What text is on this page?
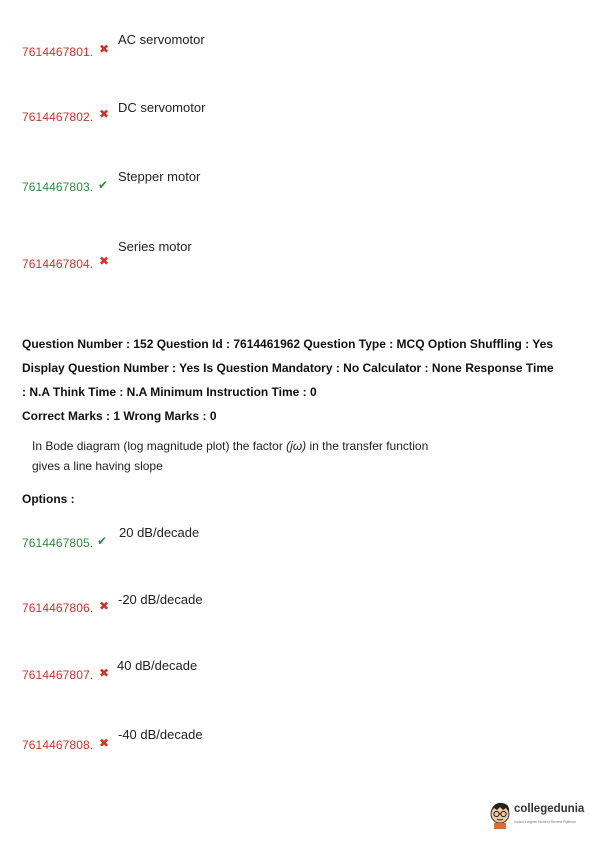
7614467801. ✖
AC servomotor
7614467802. ✖ DC servomotor
7614467803. ✔
Stepper motor
7614467804. ✖
Series motor
Question Number : 152 Question Id : 7614461962 Question Type : MCQ Option Shuffling : Yes
Display Question Number : Yes Is Question Mandatory : No Calculator : None Response Time
: N.A Think Time : N.A Minimum Instruction Time : 0
Correct Marks : 1 Wrong Marks : 0
In Bode diagram (log magnitude plot) the factor (jω) in the transfer function
gives a line having slope
Options :
7614467805. ✔
20 dB/decade
7614467806. ✖ -20 dB/decade
7614467807. ✖ 40 dB/decade
7614467808. ✖
-40 dB/decade
collegedunia
India's Largest Student Review Platform
